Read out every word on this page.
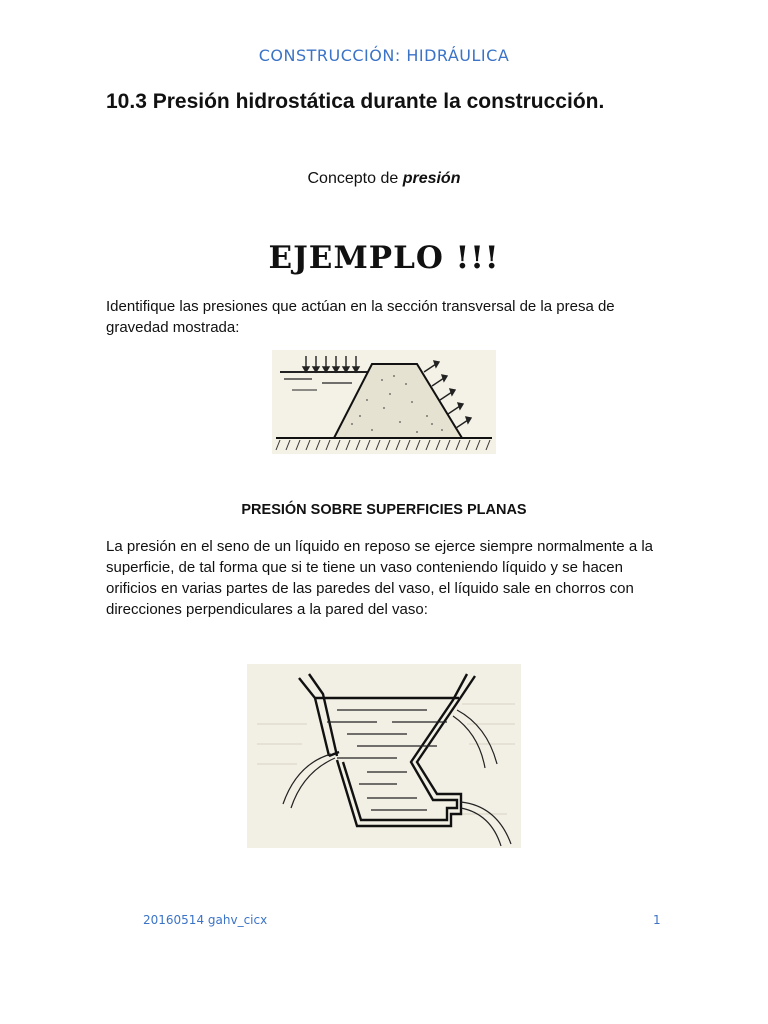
CONSTRUCCIÓN: HIDRÁULICA
10.3 Presión hidrostática durante la construcción.
Concepto de presión
EJEMPLO !!!
Identifique las presiones que actúan en la sección transversal de la presa de gravedad mostrada:
PRESIÓN SOBRE SUPERFICIES PLANAS
La presión en el seno de un líquido en reposo se ejerce siempre normalmente a la superficie, de tal forma que si te tiene un vaso conteniendo líquido y se hacen orificios en varias partes de las paredes del vaso, el líquido sale en chorros con direcciones perpendiculares a la pared del vaso:
20160514 gahv_cicx	1
